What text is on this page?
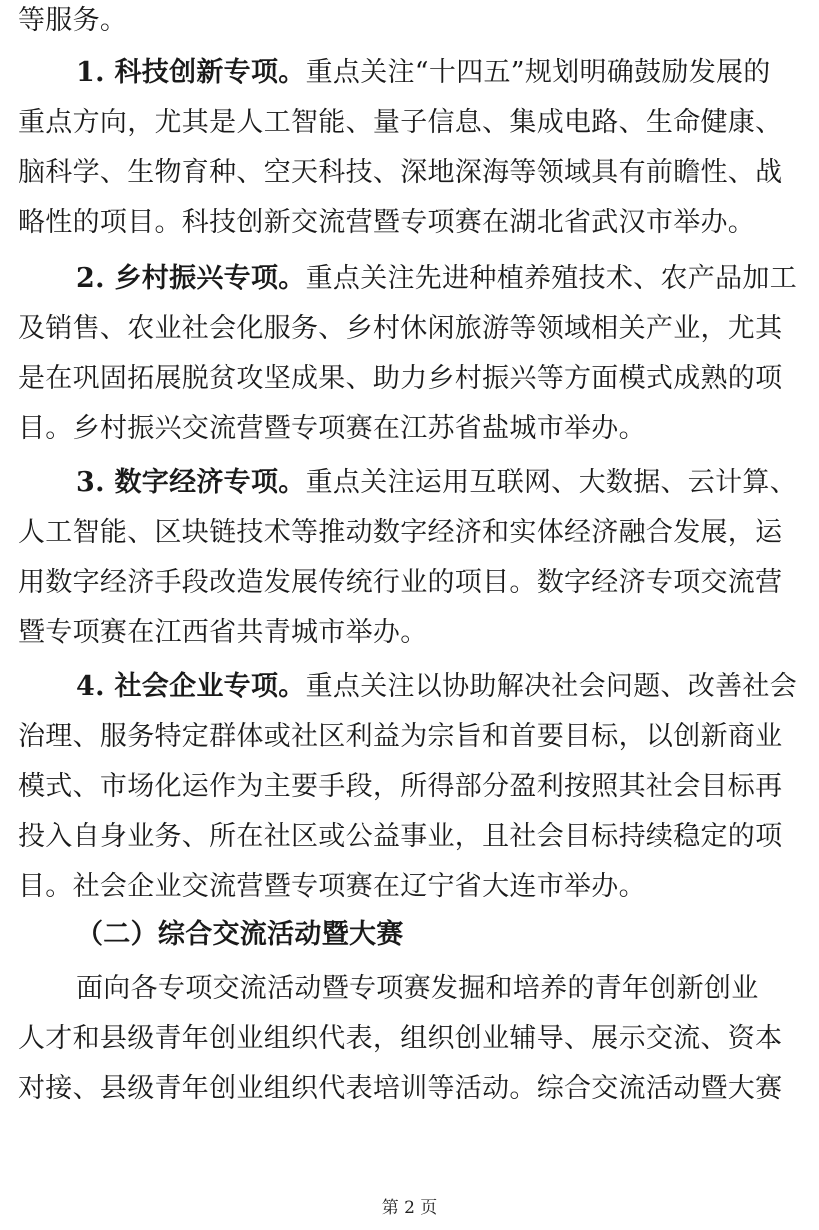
等服务。
1. 科技创新专项。重点关注“十四五”规划明确鼓励发展的
重点方向，尤其是人工智能、量子信息、集成电路、生命健康、
脑科学、生物育种、空天科技、深地深海等领域具有前瞻性、战
略性的项目。科技创新交流营暨专项赛在湖北省武汉市举办。
2. 乡村振兴专项。重点关注先进种植养殖技术、农产品加工
及销售、农业社会化服务、乡村休闲旅游等领域相关产业，尤其
是在巩固拓展脱贫攻坚成果、助力乡村振兴等方面模式成熟的项
目。乡村振兴交流营暨专项赛在江苏省盐城市举办。
3. 数字经济专项。重点关注运用互联网、大数据、云计算、
人工智能、区块链技术等推动数字经济和实体经济融合发展，运
用数字经济手段改造发展传统行业的项目。数字经济专项交流营
暨专项赛在江西省共青城市举办。
4. 社会企业专项。重点关注以协助解决社会问题、改善社会
治理、服务特定群体或社区利益为宗旨和首要目标，以创新商业
模式、市场化运作为主要手段，所得部分盈利按照其社会目标再
投入自身业务、所在社区或公益事业，且社会目标持续稳定的项
目。社会企业交流营暨专项赛在辽宁省大连市举办。
（二）综合交流活动暨大赛
面向各专项交流活动暨专项赛发掘和培养的青年创新创业
人才和县级青年创业组织代表，组织创业辅导、展示交流、资本
对接、县级青年创业组织代表培训等活动。综合交流活动暨大赛
第 2 页
